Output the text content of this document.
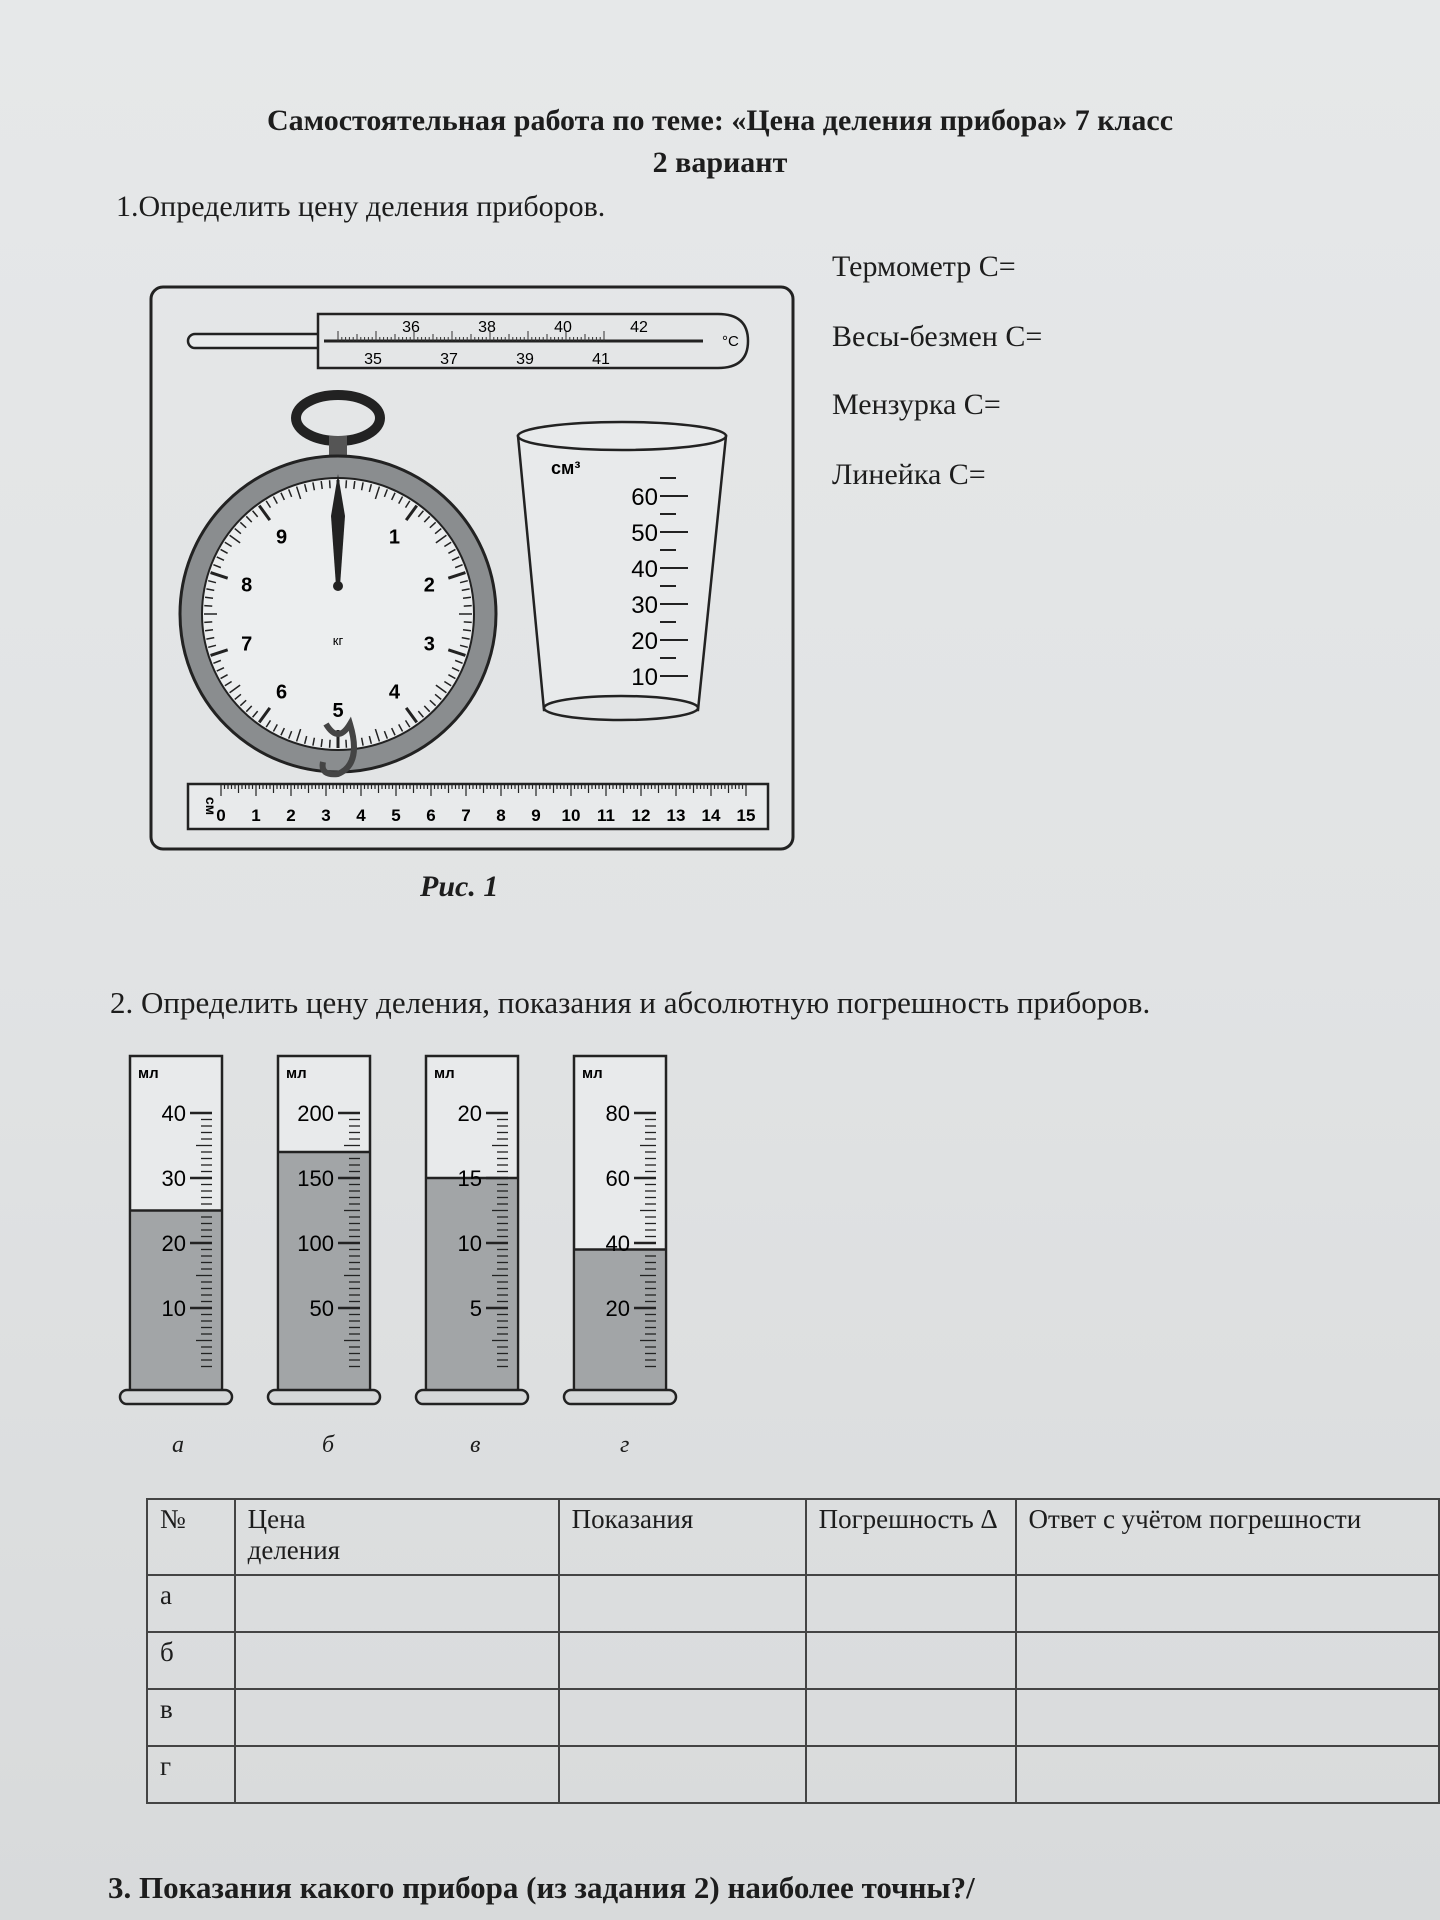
Самостоятельная работа по теме: «Цена деления прибора» 7 класс
2 вариант
1.Определить цену деления приборов.
Термометр С=
Весы-безмен С=
Мензурка С=
Линейка С=
36	38	40	42
35	37	39	41
°С
1
2
3
4
5
6
7
8
9
кг
60
50
40
30
20
10
см³
0 1 2 3 4 5 6 7 8 9 10 11 12 13 14 15
см
Рис. 1
2. Определить цену деления, показания и абсолютную погрешность приборов.
мл
40
30
20
10
мл
200
150
100
50
мл
20
15
10
5
мл
80
60
40
20
а	б	в	г
№	Цена деления	Показания	Погрешность Δ	Ответ с учётом погрешности
а				
б				
в				
г				
3. Показания какого прибора (из задания 2) наиболее точны?/
